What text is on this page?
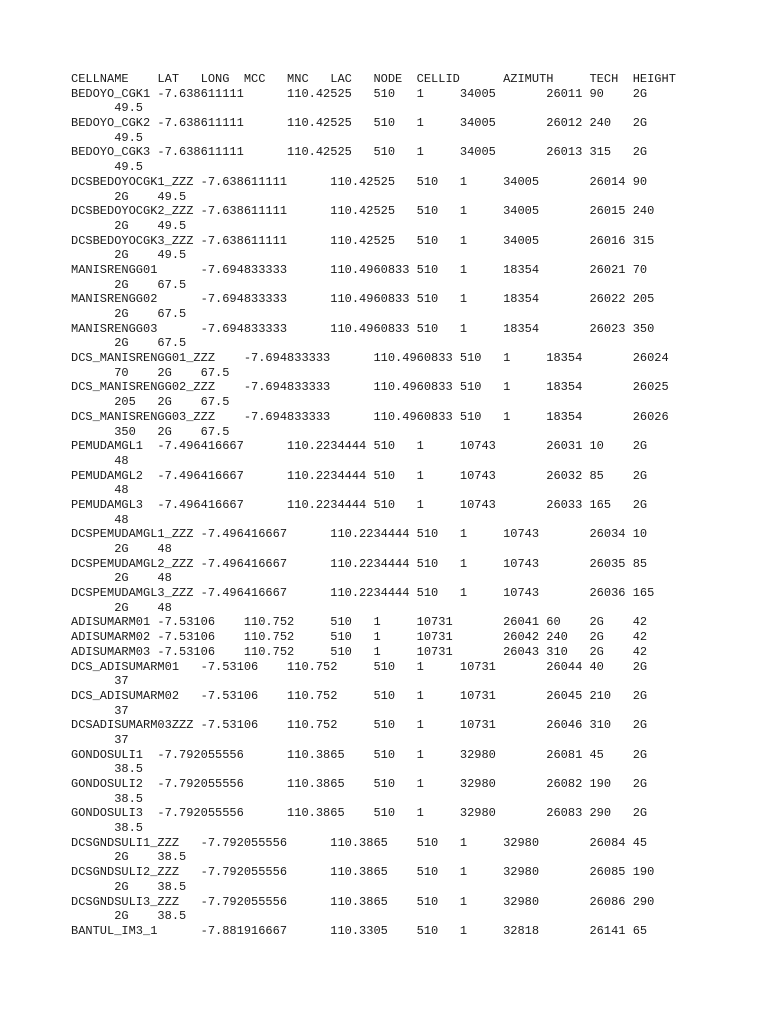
CELLNAME    LAT   LONG  MCC   MNC   LAC   NODE  CELLID      AZIMUTH     TECH  HEIGHT
BEDOYO_CGK1 -7.638611111      110.42525   510   1     34005       26011 90    2G
49.5
BEDOYO_CGK2 -7.638611111      110.42525   510   1     34005       26012 240   2G
49.5
BEDOYO_CGK3 -7.638611111      110.42525   510   1     34005       26013 315   2G
49.5
DCSBEDOYOCGK1_ZZZ -7.638611111      110.42525   510   1     34005       26014 90
2G    49.5
DCSBEDOYOCGK2_ZZZ -7.638611111      110.42525   510   1     34005       26015 240
2G    49.5
DCSBEDOYOCGK3_ZZZ -7.638611111      110.42525   510   1     34005       26016 315
2G    49.5
MANISRENGG01      -7.694833333      110.4960833 510   1     18354       26021 70
2G    67.5
MANISRENGG02      -7.694833333      110.4960833 510   1     18354       26022 205
2G    67.5
MANISRENGG03      -7.694833333      110.4960833 510   1     18354       26023 350
2G    67.5
DCS_MANISRENGG01_ZZZ    -7.694833333      110.4960833 510   1     18354       26024
70    2G    67.5
DCS_MANISRENGG02_ZZZ    -7.694833333      110.4960833 510   1     18354       26025
205   2G    67.5
DCS_MANISRENGG03_ZZZ    -7.694833333      110.4960833 510   1     18354       26026
350   2G    67.5
PEMUDAMGL1  -7.496416667      110.2234444 510   1     10743       26031 10    2G
48
PEMUDAMGL2  -7.496416667      110.2234444 510   1     10743       26032 85    2G
48
PEMUDAMGL3  -7.496416667      110.2234444 510   1     10743       26033 165   2G
48
DCSPEMUDAMGL1_ZZZ -7.496416667      110.2234444 510   1     10743       26034 10
2G    48
DCSPEMUDAMGL2_ZZZ -7.496416667      110.2234444 510   1     10743       26035 85
2G    48
DCSPEMUDAMGL3_ZZZ -7.496416667      110.2234444 510   1     10743       26036 165
2G    48
ADISUMARM01 -7.53106    110.752     510   1     10731       26041 60    2G    42
ADISUMARM02 -7.53106    110.752     510   1     10731       26042 240   2G    42
ADISUMARM03 -7.53106    110.752     510   1     10731       26043 310   2G    42
DCS_ADISUMARM01   -7.53106    110.752     510   1     10731       26044 40    2G
37
DCS_ADISUMARM02   -7.53106    110.752     510   1     10731       26045 210   2G
37
DCSADISUMARM03ZZZ -7.53106    110.752     510   1     10731       26046 310   2G
37
GONDOSULI1  -7.792055556      110.3865    510   1     32980       26081 45    2G
38.5
GONDOSULI2  -7.792055556      110.3865    510   1     32980       26082 190   2G
38.5
GONDOSULI3  -7.792055556      110.3865    510   1     32980       26083 290   2G
38.5
DCSGNDSULI1_ZZZ   -7.792055556      110.3865    510   1     32980       26084 45
2G    38.5
DCSGNDSULI2_ZZZ   -7.792055556      110.3865    510   1     32980       26085 190
2G    38.5
DCSGNDSULI3_ZZZ   -7.792055556      110.3865    510   1     32980       26086 290
2G    38.5
BANTUL_IM3_1      -7.881916667      110.3305    510   1     32818       26141 65
